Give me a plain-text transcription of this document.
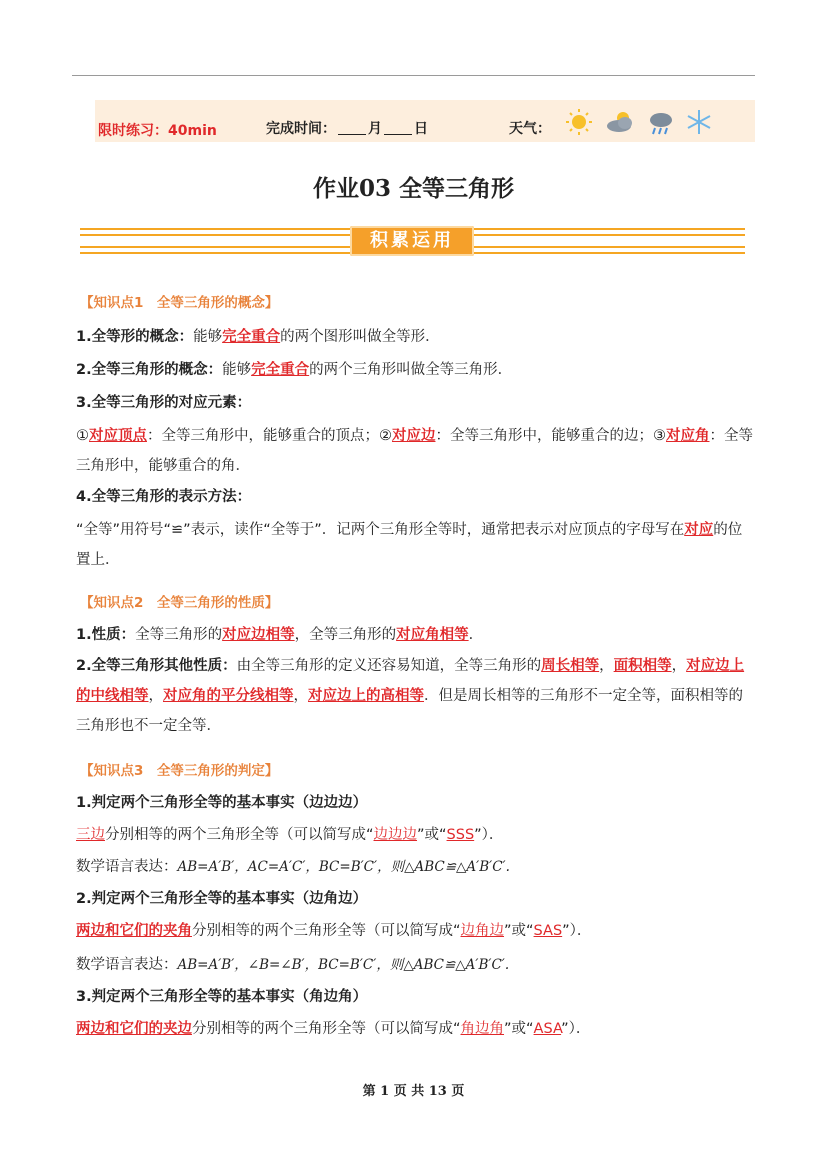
限时练习：40min	完成时间： 月 日	天气：
作业03 全等三角形
积累运用
【知识点1　全等三角形的概念】
1.全等形的概念：能够完全重合的两个图形叫做全等形．
2.全等三角形的概念：能够完全重合的两个三角形叫做全等三角形．
3.全等三角形的对应元素：
①对应顶点：全等三角形中，能够重合的顶点；②对应边：全等三角形中，能够重合的边；③对应角：全等三角形中，能够重合的角．
4.全等三角形的表示方法：
“全等”用符号“≌”表示，读作“全等于”．记两个三角形全等时，通常把表示对应顶点的字母写在对应的位置上．
【知识点2　全等三角形的性质】
1.性质：全等三角形的对应边相等，全等三角形的对应角相等．
2.全等三角形其他性质：由全等三角形的定义还容易知道，全等三角形的周长相等，面积相等，对应边上的中线相等，对应角的平分线相等，对应边上的高相等．但是周长相等的三角形不一定全等，面积相等的三角形也不一定全等．
【知识点3　全等三角形的判定】
1.判定两个三角形全等的基本事实（边边边）
三边分别相等的两个三角形全等（可以简写成“边边边”或“SSS”）．
数学语言表达：AB=A′B′，AC=A′C′，BC=B′C′，则△ABC≌△A′B′C′.
2.判定两个三角形全等的基本事实（边角边）
两边和它们的夹角分别相等的两个三角形全等（可以简写成“边角边”或“SAS”）．
数学语言表达：AB=A′B′，∠B=∠B′，BC=B′C′，则△ABC≌△A′B′C′.
3.判定两个三角形全等的基本事实（角边角）
两边和它们的夹边分别相等的两个三角形全等（可以简写成“角边角”或“ASA”）．
第 1 页 共 13 页
